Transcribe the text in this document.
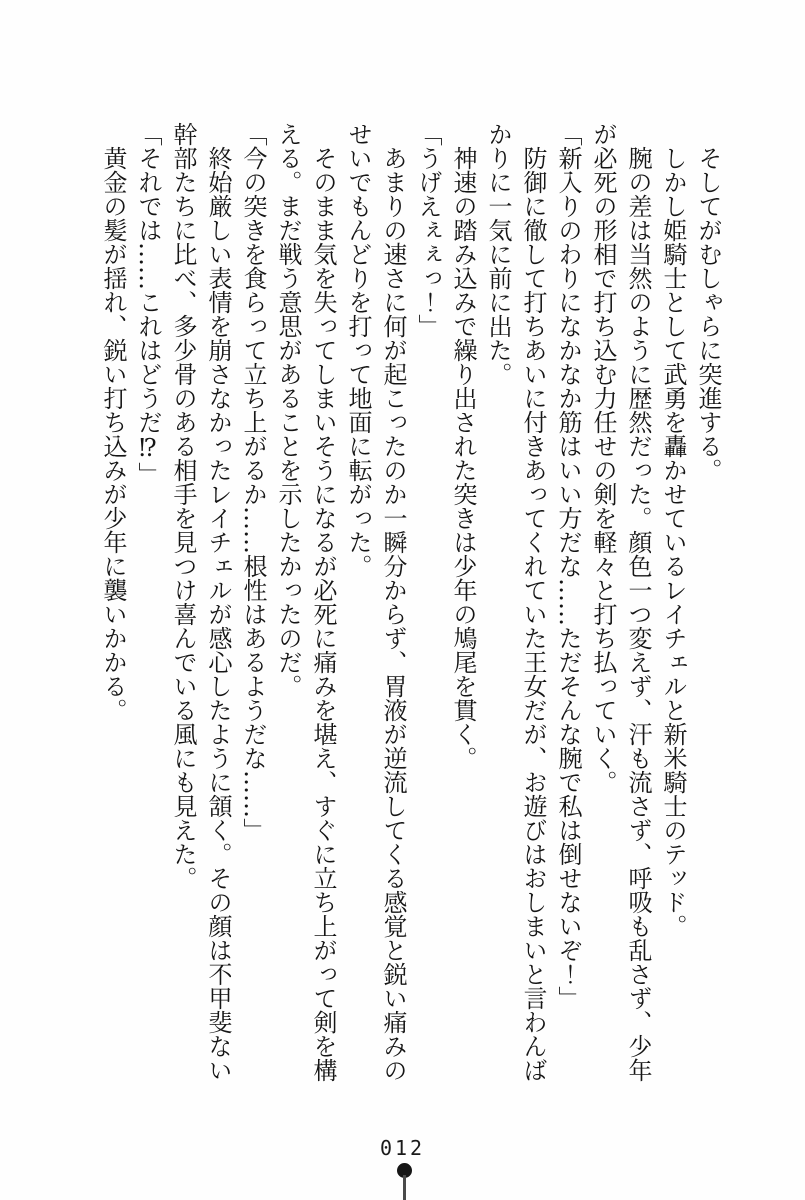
そしてがむしゃらに突進する。

しかし姫騎士として武勇を轟かせているレイチェルと新米騎士のテッド。

腕の差は当然のように歴然だった。顔色一つ変えず、汗も流さず、呼吸も乱さず、少年が必死の形相で打ち込む力任せの剣を軽々と打ち払っていく。

「新入りのわりになかなか筋はいい方だな……ただそんな腕で私は倒せないぞ！」

防御に徹して打ちあいに付きあってくれていた王女だが、お遊びはおしまいと言わんばかりに一気に前に出た。

神速の踏み込みで繰り出された突きは少年の鳩尾を貫く。

「うげえぇぇっ！」

あまりの速さに何が起こったのか一瞬分からず、胃液が逆流してくる感覚と鋭い痛みのせいでもんどりを打って地面に転がった。

そのまま気を失ってしまいそうになるが必死に痛みを堪え、すぐに立ち上がって剣を構える。まだ戦う意思があることを示したかったのだ。

「今の突きを食らって立ち上がるか……根性はあるようだな……」

終始厳しい表情を崩さなかったレイチェルが感心したように頷く。その顔は不甲斐ない幹部たちに比べ、多少骨のある相手を見つけ喜んでいる風にも見えた。

「それでは……これはどうだ⁉」

黄金の髪が揺れ、鋭い打ち込みが少年に襲いかかる。

012
